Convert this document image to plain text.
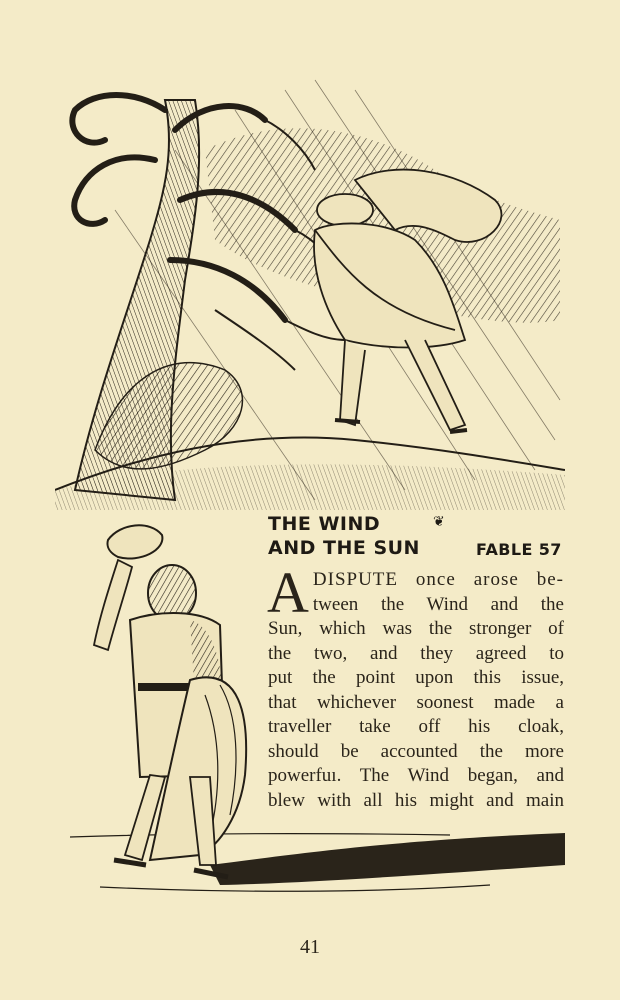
THE WIND
AND THE SUN
❦
FABLE 57
A DISPUTE once arose be-
tween the Wind and the
Sun, which was the stronger of
the two, and they agreed to
put the point upon this issue,
that whichever soonest made a
traveller take off his cloak,
should be accounted the more
powerfuı. The Wind began, and
blew with all his might and main
41
